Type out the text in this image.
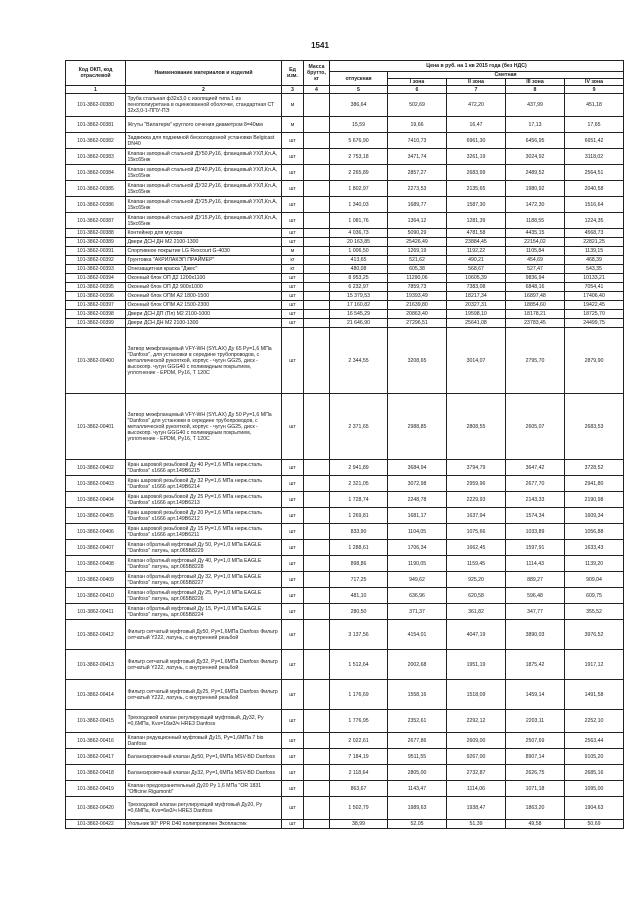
1541
Код ОКП, код отраслевой	Наименование материалов и изделий	Ед изм.	Масса брутто, кг	Цена в руб. на 1 кв 2015 года (без НДС)				
				отпускная	Сметная			
					I зона	II зона	III зона	IV зона
1	2	3	4	5	6	7	8	9
101-3862-00380	Труба стальная ф32х3,0 с изоляцией типа 1 из пенополиуретана в оцинкованной оболочке, стандартная СТ 32х3,0-1-ППУ-ПЭ	м		386,64	502,69	472,20	437,99	451,18
101-3862-00381	Жгуты "Вилатерм" круглого сечения диаметром 8=40мм	м		15,59	19,66	16,47	17,13	17,65
101-3862-00382	Задвижка для подземной бесколодезной установки Belgicast DN40	шт		5 676,90	7410,73	6961,30	6456,95	6651,42
101-3862-00383	Клапан запорный стальной ДУ50,Ру16, фланцевый УХЛ,Кл.А, 15кс65нж	шт		2 753,18	3471,74	3261,19	3024,92	3118,02
101-3862-00384	Клапан запорный стальной ДУ40,Ру16, фланцевый УХЛ,Кл.А, 15кс65нж	шт		2 265,89	2857,27	2683,99	2489,52	2564,51
101-3862-00385	Клапан запорный стальной ДУ32,Ру16, фланцевый УХЛ,Кл.А, 15кс65нж	шт		1 802,97	2273,53	2135,65	1980,92	2040,58
101-3862-00386	Клапан запорный стальной ДУ25,Ру16, фланцевый УХЛ,Кл.А, 15кс65нж	шт		1 340,03	1689,77	1587,30	1472,30	1516,64
101-3862-00387	Клапан запорный стальной ДУ15,Ру16, фланцевый УХЛ,Кл.А, 15кс65нж	шт		1 081,76	1364,12	1281,39	1188,55	1224,35
101-3862-00388	Контейнер для мусора	шт		4 036,73	5090,29	4781,58	4435,15	4568,73
101-3862-00389	Двери ДСН ДН М2 2100-1300	шт		20 163,85	25426,49	23884,45	22154,02	22821,25
101-3862-00391	Спортивное покрытие LG Rexcourt G-4030	м		1 006,50	1269,19	1192,22	1105,84	1139,15
101-3862-00392	Грунтовка "АКРИЛАКЭП ПРАЙМЕР"	кг		413,65	521,62	490,21	454,69	468,39
101-3862-00393	Огнезащитная краска "Джес"	кг		480,08	605,38	568,67	527,47	543,35
101-3862-00394	Оконный блок ОП Д2 1200х1100	шт		8 953,25	11290,06	10605,39	9836,94	10133,21
101-3862-00395	Оконный блок ОП Д2 900х1000	шт		6 232,97	7859,73	7383,08	6848,16	7054,41
101-3862-00396	Оконный блок ОПМ А2 1800-1500	шт		15 379,53	19393,49	18217,34	16897,48	17406,40
101-3862-00397	Оконный блок ОПМ А2 1500-2300	шт		17 160,82	21639,80	20327,31	18854,60	19422,45
101-3862-00398	Двери ДСН ДП (Пл) М2 2100-1000	шт		16 545,29	20863,40	19598,10	18178,21	18725,70
101-3862-00399	Двери ДСН ДН М2 2100-1300	шт		21 646,90	27296,51	25641,08	23783,45	24499,75
101-3862-00400	Затвор межфланцевый VFY-WH (SYLAX) Ду 65 Ру=1,6 МПа "Danfoss", для установки в середине трубопроводов, с металлической рукояткой, корпус - чугун GG25, диск - высокопр. чугун GGG40 с полимидным покрытием, уплотнение - EPDM, Ру16, Т 120С	шт		2 344,55	3208,65	3014,07	2795,70	2879,90
101-3862-00401	Затвор межфланцевый VFY-WH (SYLAX) Ду 50 Ру=1,6 МПа "Danfoss" для установки в середине трубопроводов, с металлической рукояткой, корпус - чугун GG25, диск - высокопр. чугун GGG40 с полимидным покрытием, уплотнение - EPDM, Ру16, Т 120С	шт		2 371,65	2988,85	2808,55	2605,07	2683,53
101-3862-00402	Кран шаровой резьбовой Ду 40 Ру=1,6 МПа нерж.сталь "Danfoss" х1666 арт.149B6215	шт		2 941,89	3684,94	3794,79	3647,42	3728,52
101-3862-00403	Кран шаровой резьбовой Ду 32 Ру=1,6 МПа нерж.сталь "Danfoss" х1666 арт.149B6214	шт		2 321,05	3072,98	2959,96	2677,70	2941,80
101-3862-00404	Кран шаровой резьбовой Ду 25 Ру=1,6 МПа нерж.сталь "Danfoss" х1666 арт.149B6213	шт		1 728,74	2248,78	2229,93	2143,33	2190,98
101-3862-00405	Кран шаровой резьбовой Ду 20 Ру=1,6 МПа нерж.сталь "Danfoss" х1666 арт.149B6212	шт		1 269,81	1681,17	1637,94	1574,34	1609,34
101-3862-00406	Кран шаровой резьбовой Ду 15 Ру=1,6 МПа нерж.сталь "Danfoss" х1666 арт.149B6211	шт		833,90	1104,05	1075,66	1033,89	1056,88
101-3862-00407	Клапан обратный муфтовый Ду 50, Ру=1,0 МПа EAGLE "Danfoss" латунь, арт.065B8229	шт		1 288,61	1706,34	1662,45	1597,91	1633,43
101-3862-00408	Клапан обратный муфтовый Ду 40, Ру=1,0 МПа EAGLE "Danfoss" латунь, арт.065B8228	шт		898,86	1190,05	1159,45	1114,43	1139,20
101-3862-00409	Клапан обратный муфтовый Ду 32, Ру=1,0 МПа EAGLE "Danfoss" латунь, арт.065B8227	шт		717,25	949,62	925,20	889,27	909,04
101-3862-00410	Клапан обратный муфтовый Ду 25, Ру=1,0 МПа EAGLE "Danfoss" латунь, арт.065B8226	шт		481,10	636,96	620,58	596,48	609,75
101-3862-00411	Клапан обратный муфтовый Ду 15, Ру=1,0 МПа EAGLE "Danfoss" латунь, арт.065B8224	шт		280,50	371,37	361,82	347,77	355,52
101-3862-00412	Фильтр сетчатый муфтовый Ду50, Ру=1,6МПа Danfoss Фильтр сетчатый Y222, латунь, с внутренней резьбой	шт		3 137,56	4154,01	4047,19	3890,03	3976,52
101-3862-00413	Фильтр сетчатый муфтовый Ду32, Ру=1,6МПа Danfoss Фильтр сетчатый Y222, латунь, с внутренней резьбой	шт		1 512,64	2002,68	1951,19	1875,42	1917,12
101-3862-00414	Фильтр сетчатый муфтовый Ду25, Ру=1,6МПа Danfoss Фильтр сетчатый Y222, латунь, с внутренней резьбой	шт		1 176,69	1558,16	1518,09	1459,14	1491,58
101-3862-00415	Трехходовой клапан регулирующий муфтовый, Ду32, Ру =0,6МПа, Kvs=16м3/ч HRE3 Danfoss	шт		1 776,95	2352,61	2292,12	2203,11	2252,10
101-3862-00416	Клапан редукционный муфтовый Ду15, Ру=1,6МПа 7 bis Danfoss	шт		2 022,61	2677,86	2609,00	2507,69	2563,44
101-3862-00417	Балансировочный клапан Ду50, Ру=1,6МПа MSV-BD Danfoss	шт		7 184,19	9511,55	9267,00	8907,14	9105,20
101-3862-00418	Балансировочный клапан Ду32, Ру=1,6МПа MSV-BD Danfoss	шт		2 118,64	2805,00	2732,87	2626,75	2685,16
101-3862-00419	Клапан предохранительный Ду20 Ру 1,6 МПа "ОR 1831 "Officine Rigamonti"	шт		863,67	1143,47	1114,06	1071,18	1095,00
101-3862-00420	Трехходовой клапан регулирующий муфтовый Ду20, Ру =0,6МПа, Kvs=6м3/ч HRE3 Danfoss	шт		1 502,79	1989,63	1938,47	1863,20	1904,63
101-3862-00422	Угольник 90° PPR D40 полипропилен Экопластик	шт		38,99	52,05	51,39	49,58	50,69
